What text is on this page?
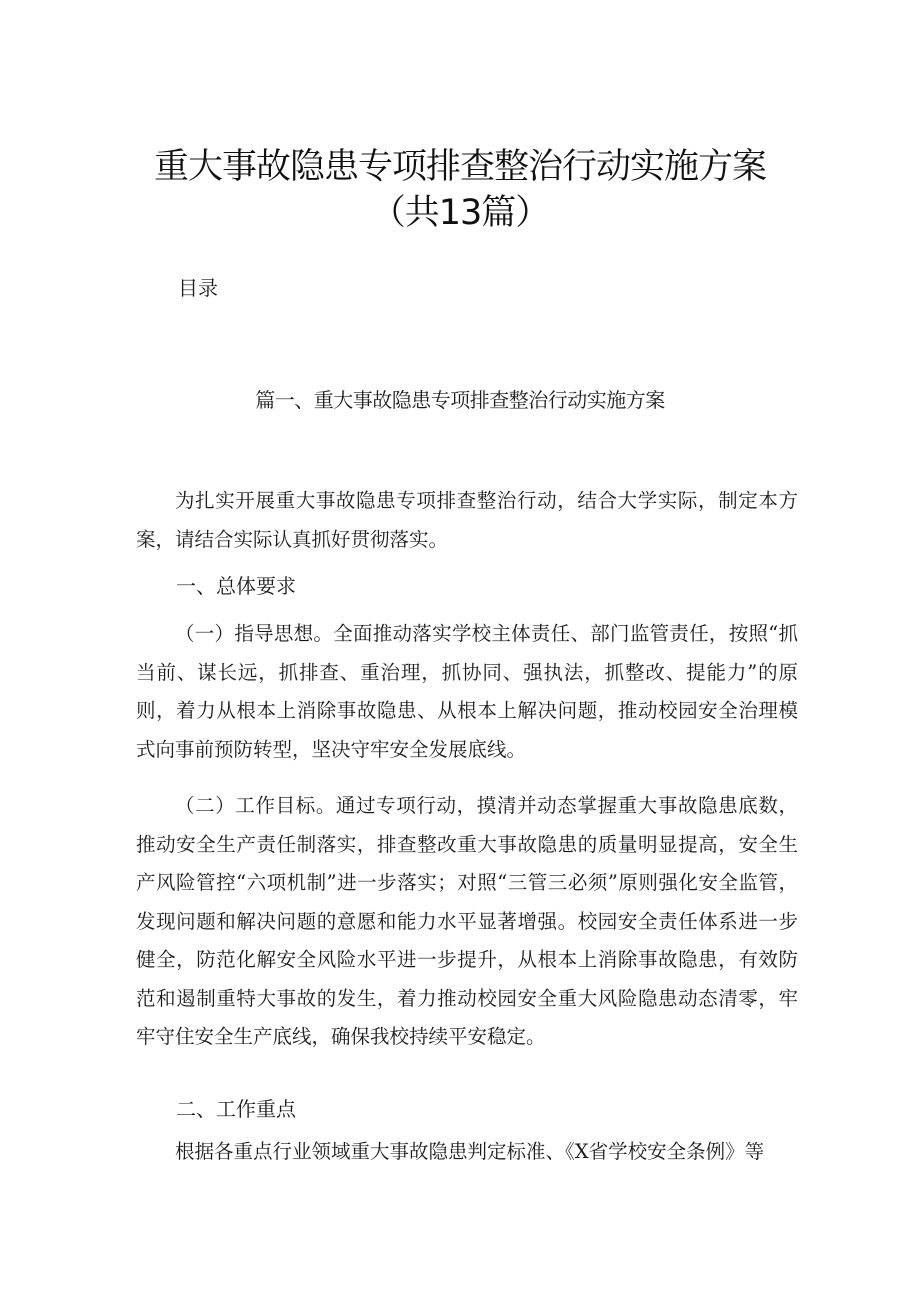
重大事故隐患专项排查整治行动实施方案
（共13篇）
目录
篇一、重大事故隐患专项排查整治行动实施方案

为扎实开展重大事故隐患专项排查整治行动，结合大学实际，制定本方案，请结合实际认真抓好贯彻落实。

一、总体要求

（一）指导思想。全面推动落实学校主体责任、部门监管责任，按照“抓当前、谋长远，抓排查、重治理，抓协同、强执法，抓整改、提能力”的原则，着力从根本上消除事故隐患、从根本上解决问题，推动校园安全治理模式向事前预防转型，坚决守牢安全发展底线。

（二）工作目标。通过专项行动，摸清并动态掌握重大事故隐患底数，推动安全生产责任制落实，排查整改重大事故隐患的质量明显提高，安全生产风险管控“六项机制”进一步落实；对照“三管三必须”原则强化安全监管，发现问题和解决问题的意愿和能力水平显著增强。校园安全责任体系进一步健全，防范化解安全风险水平进一步提升，从根本上消除事故隐患，有效防范和遏制重特大事故的发生，着力推动校园安全重大风险隐患动态清零，牢牢守住安全生产底线，确保我校持续平安稳定。

二、工作重点

根据各重点行业领域重大事故隐患判定标准、《X省学校安全条例》等
